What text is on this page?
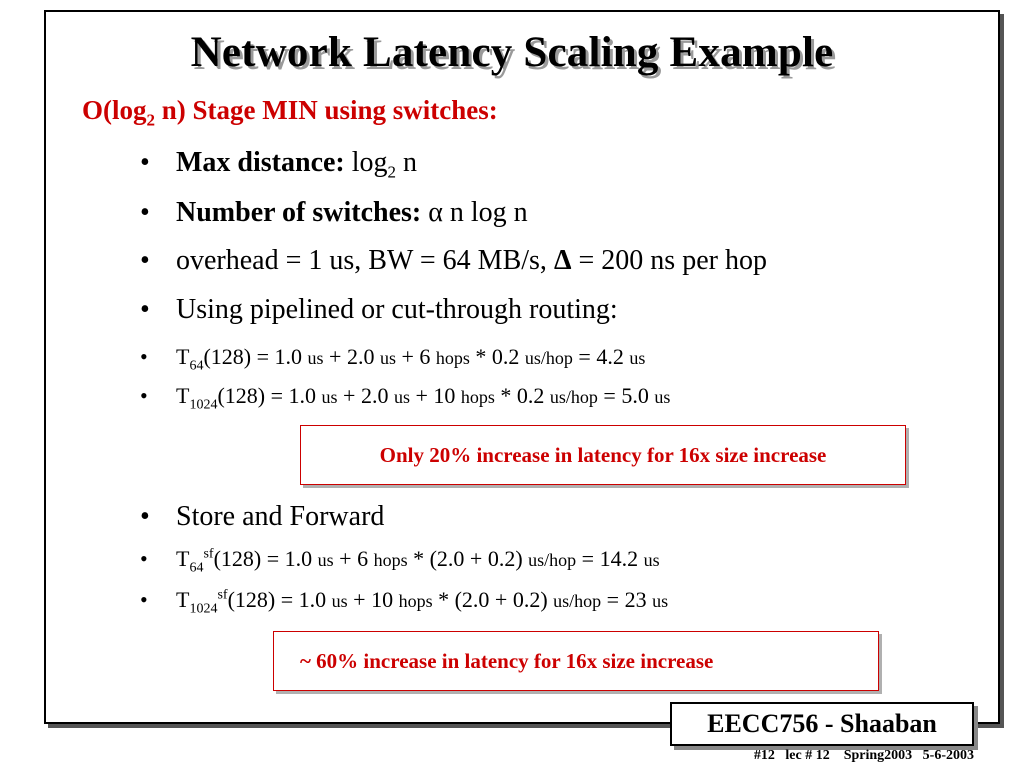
Network Latency Scaling Example
$O(\log_2$ n) Stage MIN using switches:
• Max distance: $\log_2 n$
• Number of switches: α n log n
• overhead = 1 us, BW = 64 MB/s, Δ = 200 ns per hop
• Using pipelined or cut-through routing:
• $T_{64}(128) = 1.0$ us + 2.0 us + 6 hops * 0.2 us/hop = 4.2 us
• $T_{1024}(128) = 1.0$ us + 2.0 us + 10 hops * 0.2 us/hop = 5.0 us
Only 20% increase in latency for 16x size increase
• Store and Forward
• $T_{64}^{sf}(128) = 1.0$ us + 6 hops * (2.0 + 0.2) us/hop = 14.2 us
• $T_{1024}^{sf}(128) = 1.0$ us + 10 hops * (2.0 + 0.2) us/hop = 23 us
~ 60% increase in latency for 16x size increase
EECC756 - Shaaban
#12   lec # 12    Spring2003   5-6-2003
